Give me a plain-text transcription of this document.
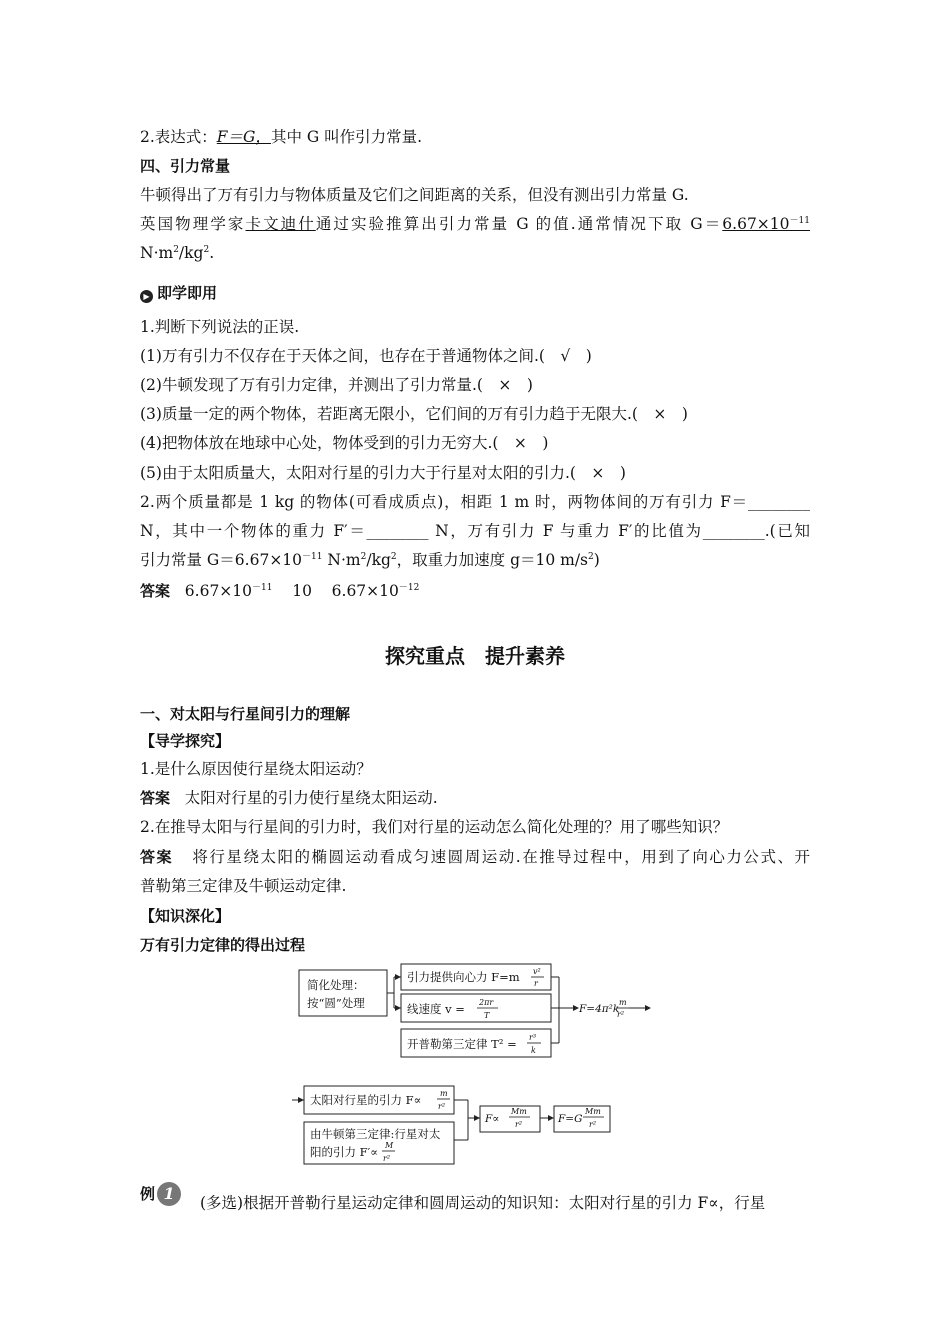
2.表达式：F＝G，其中 G 叫作引力常量.
四、引力常量
牛顿得出了万有引力与物体质量及它们之间距离的关系，但没有测出引力常量 G.
英国物理学家卡文迪什通过实验推算出引力常量 G 的值.通常情况下取 $G=6.67\times 10^{-11}$
$N\cdot m^2/kg^2$.
▶ 即学即用
1.判断下列说法的正误.
(1)万有引力不仅存在于天体之间，也存在于普通物体之间.(　√　)
(2)牛顿发现了万有引力定律，并测出了引力常量.(　×　)
(3)质量一定的两个物体，若距离无限小，它们间的万有引力趋于无限大.(　×　)
(4)把物体放在地球中心处，物体受到的引力无穷大.(　×　)
(5)由于太阳质量大，太阳对行星的引力大于行星对太阳的引力.(　×　)
2.两个质量都是 1 kg 的物体(可看成质点)，相距 1 m 时，两物体间的万有引力 F＝________
N，其中一个物体的重力 F′＝________ N，万有引力 F 与重力 F′的比值为________.(已知
引力常量 $G=6.67\times 10^{-11}$ $N\cdot m^2/kg^2$，取重力加速度 g＝10 $m/s^2$)
答案 $6.67\times 10^{-11}$ 10 $6.67\times 10^{-12}$
探究重点　提升素养
一、对太阳与行星间引力的理解
【导学探究】
1.是什么原因使行星绕太阳运动？
答案 太阳对行星的引力使行星绕太阳运动.
2.在推导太阳与行星间的引力时，我们对行星的运动怎么简化处理的？用了哪些知识？
答案 将行星绕太阳的椭圆运动看成匀速圆周运动.在推导过程中，用到了向心力公式、开
普勒第三定律及牛顿运动定律.
【知识深化】
万有引力定律的得出过程
简化处理：
按“圆”处理
引力提供向心力 F=m v²
r
线速度 v = 2πr
T
开普勒第三定律 T² = r³
k
F=4π²k
m
r²
太阳对行星的引力 F∝ m
r²
由牛顿第三定律:行星对太
阳的引力 F′∝ M
r²
F∝
Mm
r²	F=G
Mm
r²
例 1	(多选)根据开普勒行星运动定律和圆周运动的知识知：太阳对行星的引力 F∝，行星
